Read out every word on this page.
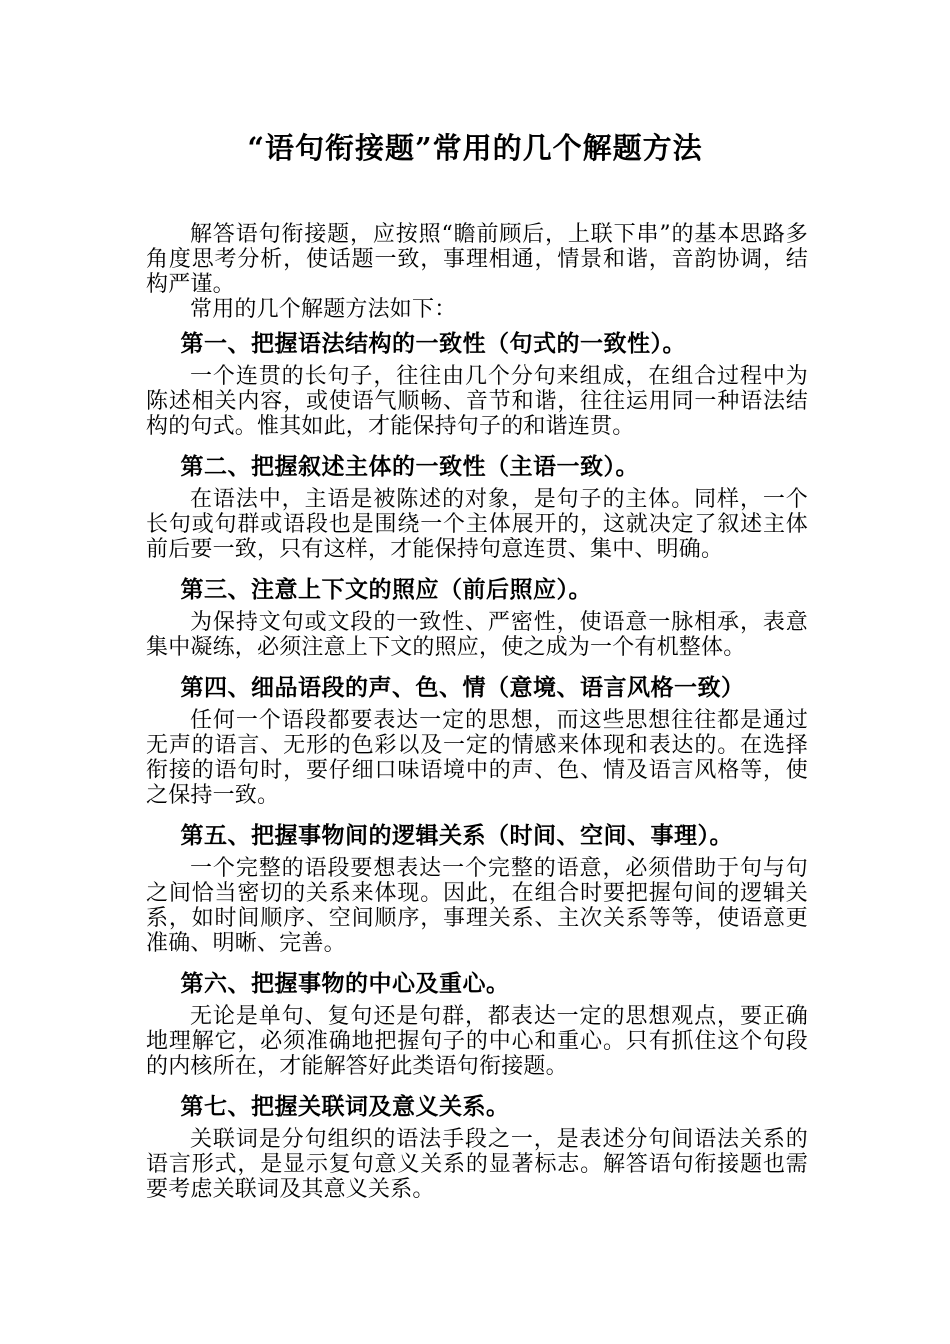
“语句衔接题”常用的几个解题方法

解答语句衔接题，应按照“瞻前顾后，上联下串”的基本思路多角度思考分析，使话题一致，事理相通，情景和谐，音韵协调，结构严谨。

常用的几个解题方法如下：

第一、把握语法结构的一致性（句式的一致性）。

一个连贯的长句子，往往由几个分句来组成，在组合过程中为陈述相关内容，或使语气顺畅、音节和谐，往往运用同一种语法结构的句式。惟其如此，才能保持句子的和谐连贯。

第二、把握叙述主体的一致性（主语一致）。

在语法中，主语是被陈述的对象，是句子的主体。同样，一个长句或句群或语段也是围绕一个主体展开的，这就决定了叙述主体前后要一致，只有这样，才能保持句意连贯、集中、明确。

第三、注意上下文的照应（前后照应）。

为保持文句或文段的一致性、严密性，使语意一脉相承，表意集中凝练，必须注意上下文的照应，使之成为一个有机整体。

第四、细品语段的声、色、情（意境、语言风格一致）

任何一个语段都要表达一定的思想，而这些思想往往都是通过无声的语言、无形的色彩以及一定的情感来体现和表达的。在选择衔接的语句时，要仔细口味语境中的声、色、情及语言风格等，使之保持一致。

第五、把握事物间的逻辑关系（时间、空间、事理）。

一个完整的语段要想表达一个完整的语意，必须借助于句与句之间恰当密切的关系来体现。因此，在组合时要把握句间的逻辑关系，如时间顺序、空间顺序，事理关系、主次关系等等，使语意更准确、明晰、完善。

第六、把握事物的中心及重心。

无论是单句、复句还是句群，都表达一定的思想观点，要正确地理解它，必须准确地把握句子的中心和重心。只有抓住这个句段的内核所在，才能解答好此类语句衔接题。

第七、把握关联词及意义关系。

关联词是分句组织的语法手段之一，是表述分句间语法关系的语言形式，是显示复句意义关系的显著标志。解答语句衔接题也需要考虑关联词及其意义关系。
